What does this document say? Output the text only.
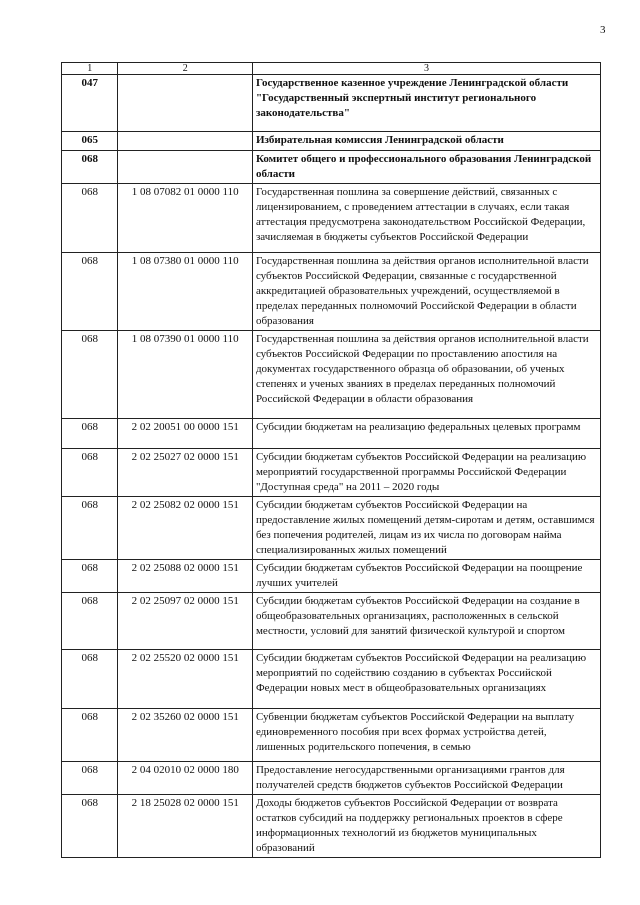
3
1	2	3
047		Государственное казенное учреждение Ленинградской области "Государственный экспертный институт регионального законодательства"
065		Избирательная комиссия Ленинградской области
068		Комитет общего и профессионального образования Ленинградской области
068	1 08 07082 01 0000 110	Государственная пошлина за совершение действий, связанных с лицензированием, с проведением аттестации в случаях, если такая аттестация предусмотрена законодательством Российской Федерации, зачисляемая в бюджеты субъектов Российской Федерации
068	1 08 07380 01 0000 110	Государственная пошлина за действия органов исполнительной власти субъектов Российской Федерации, связанные с государственной аккредитацией образовательных учреждений, осуществляемой в пределах переданных полномочий Российской Федерации в области образования
068	1 08 07390 01 0000 110	Государственная пошлина за действия органов исполнительной власти субъектов Российской Федерации по проставлению апостиля на документах государственного образца об образовании, об ученых степенях и ученых званиях в пределах переданных полномочий Российской Федерации в области образования
068	2 02 20051 00 0000 151	Субсидии бюджетам на реализацию федеральных целевых программ
068	2 02 25027 02 0000 151	Субсидии бюджетам субъектов Российской Федерации на реализацию мероприятий государственной программы Российской Федерации "Доступная среда" на 2011 – 2020 годы
068	2 02 25082 02 0000 151	Субсидии бюджетам субъектов Российской Федерации на предоставление жилых помещений детям-сиротам и детям, оставшимся без попечения родителей, лицам из их числа по договорам найма специализированных жилых помещений
068	2 02 25088 02 0000 151	Субсидии бюджетам субъектов Российской Федерации на поощрение лучших учителей
068	2 02 25097 02 0000 151	Субсидии бюджетам субъектов Российской Федерации на создание в общеобразовательных организациях, расположенных в сельской местности, условий для занятий физической культурой и спортом
068	2 02 25520 02 0000 151	Субсидии бюджетам субъектов Российской Федерации на реализацию мероприятий по содействию созданию в субъектах Российской Федерации новых мест в общеобразовательных организациях
068	2 02 35260 02 0000 151	Субвенции бюджетам субъектов Российской Федерации на выплату единовременного пособия при всех формах устройства детей, лишенных родительского попечения, в семью
068	2 04 02010 02 0000 180	Предоставление негосударственными организациями грантов для получателей средств бюджетов субъектов Российской Федерации
068	2 18 25028 02 0000 151	Доходы бюджетов субъектов Российской Федерации от возврата остатков субсидий на поддержку региональных проектов в сфере информационных технологий из бюджетов муниципальных образований
